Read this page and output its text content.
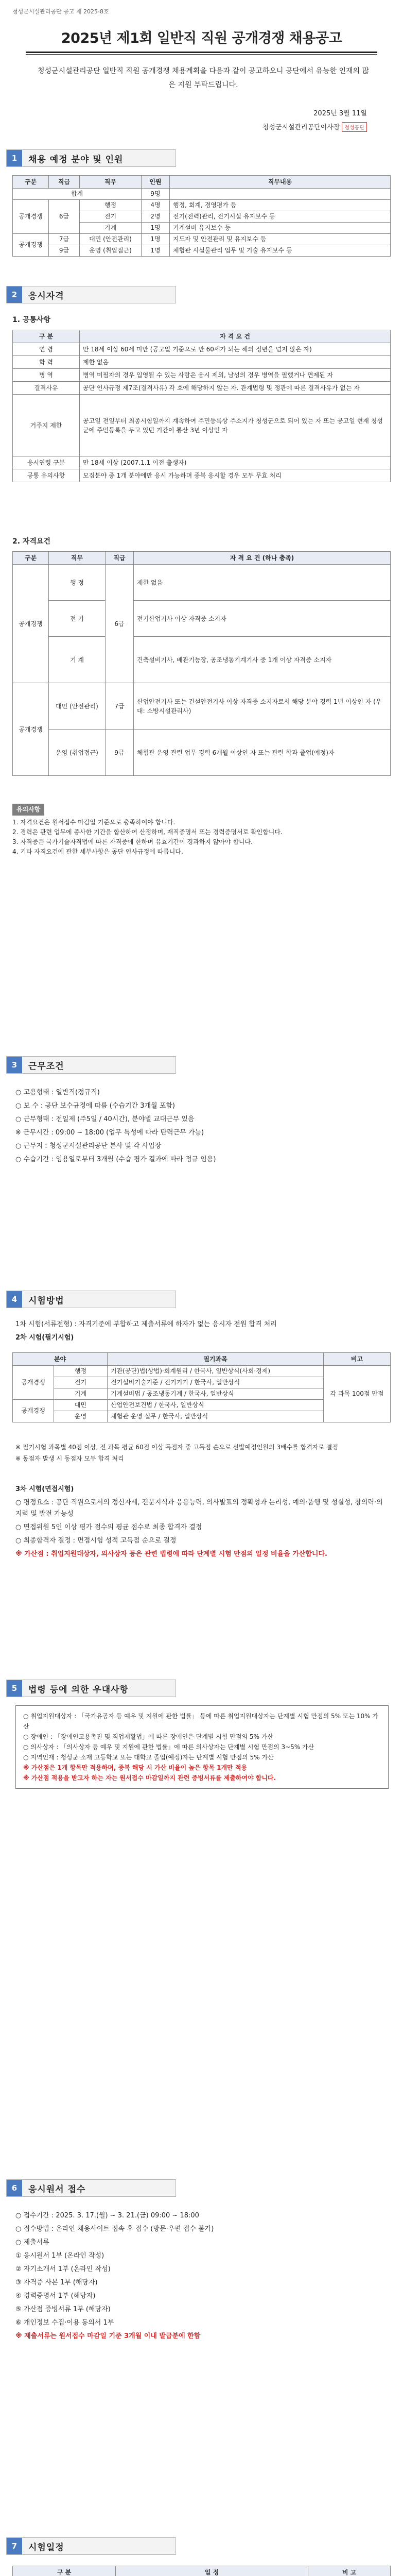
청성군시설관리공단 공고 제 2025-8호
2025년 제1회 일반직 직원 공개경쟁 채용공고
청성군시설관리공단 일반직 직원 공개경쟁 채용계획을 다음과 같이 공고하오니 공단에서 유능한 인재의 많은 지원 부탁드립니다.
2025년 3월 11일
청성군시설관리공단이사장 청성공단
1	채용 예정 분야 및 인원
구분	직급	직무	인원	직무내용
합계			9명	
공개경쟁	6급	행정	4명	행정, 회계, 경영평가 등
		전기	2명	전기(전력)관리, 전기시설 유지보수 등
		기계	1명	기계설비 유지보수 등
공개경쟁	7급	대민 (안전관리)	1명	지도자 및 안전관리 및 유지보수 등
	9급	운영 (취업접근)	1명	체험관 시설물관리 업무 및 기술 유지보수 등
2	응시자격
1. 공통사항
구 분	자 격 요 건
연 령	만 18세 이상 60세 미만 (공고일 기준으로 만 60세가 되는 해의 정년을 넘지 않은 자)
학 력	제한 없음
병 역	병역 미필자의 경우 입영될 수 있는 사람은 응시 제외, 남성의 경우 병역을 필했거나 면제된 자
결격사유	공단 인사규정 제7조(결격사유) 각 호에 해당하지 않는 자. 관계법령 및 정관에 따른 결격사유가 없는 자
거주지 제한	공고일 전일부터 최종시험일까지 계속하여 주민등록상 주소지가 청성군으로 되어 있는 자 또는 공고일 현재 청성군에 주민등록을 두고 있던 기간이 통산 3년 이상인 자
응시연령 구분	만 18세 이상 (2007.1.1 이전 출생자)
공통 유의사항	모집분야 중 1개 분야에만 응시 가능하며 중복 응시할 경우 모두 무효 처리
2. 자격요건
구분	직무	직급	자 격 요 건 (하나 충족)
공개경쟁	행 정	6급	제한 없음
	전 기		전기산업기사 이상 자격증 소지자
	기 계		건축설비기사, 배관기능장, 공조냉동기계기사 중 1개 이상 자격증 소지자
공개경쟁	대민 (안전관리)	7급	산업안전기사 또는 건설안전기사 이상 자격증 소지자로서 해당 분야 경력 1년 이상인 자 (우대: 소방시설관리사)
	운영 (취업접근)	9급	체험관 운영 관련 업무 경력 6개월 이상인 자 또는 관련 학과 졸업(예정)자
유의사항
1. 자격요건은 원서접수 마감일 기준으로 충족하여야 합니다.
2. 경력은 관련 업무에 종사한 기간을 합산하여 산정하며, 재직증명서 또는 경력증명서로 확인합니다.
3. 자격증은 국가기술자격법에 따른 자격증에 한하며 유효기간이 경과하지 않아야 합니다.
4. 기타 자격요건에 관한 세부사항은 공단 인사규정에 따릅니다.
3	근무조건
○ 고용형태 : 일반직(정규직)
○ 보 수 : 공단 보수규정에 따름 (수습기간 3개월 포함)
○ 근무형태 : 전일제 (주5일 / 40시간), 분야별 교대근무 있음
※ 근무시간 : 09:00 ~ 18:00 (업무 특성에 따라 탄력근무 가능)
○ 근무지 : 청성군시설관리공단 본사 및 각 사업장
○ 수습기간 : 임용일로부터 3개월 (수습 평가 결과에 따라 정규 임용)
4	시험방법
1차 시험(서류전형) : 자격기준에 부합하고 제출서류에 하자가 없는 응시자 전원 합격 처리
2차 시험(필기시험)
분야		필기과목	비고
공개경쟁	행정	기관(공단)법(상법)·회계원리 / 한국사, 일반상식(사회·경제)	각 과목 100점 만점
	전기	전기설비기술기준 / 전기기기 / 한국사, 일반상식	
	기계	기계설비법 / 공조냉동기계 / 한국사, 일반상식	
공개경쟁	대민	산업안전보건법 / 한국사, 일반상식	
	운영	체험관 운영 실무 / 한국사, 일반상식	
※ 필기시험 과목별 40점 이상, 전 과목 평균 60점 이상 득점자 중 고득점 순으로 선발예정인원의 3배수를 합격자로 결정
※ 동점자 발생 시 동점자 모두 합격 처리
3차 시험(면접시험)
○ 평정요소 : 공단 직원으로서의 정신자세, 전문지식과 응용능력, 의사발표의 정확성과 논리성, 예의·품행 및 성실성, 창의력·의지력 및 발전 가능성
○ 면접위원 5인 이상 평가 점수의 평균 점수로 최종 합격자 결정
○ 최종합격자 결정 : 면접시험 성적 고득점 순으로 결정
※ 가산점 : 취업지원대상자, 의사상자 등은 관련 법령에 따라 단계별 시험 만점의 일정 비율을 가산합니다.
5	법령 등에 의한 우대사항
○ 취업지원대상자 : 「국가유공자 등 예우 및 지원에 관한 법률」 등에 따른 취업지원대상자는 단계별 시험 만점의 5% 또는 10% 가산
○ 장애인 : 「장애인고용촉진 및 직업재활법」에 따른 장애인은 단계별 시험 만점의 5% 가산
○ 의사상자 : 「의사상자 등 예우 및 지원에 관한 법률」에 따른 의사상자는 단계별 시험 만점의 3~5% 가산
○ 지역인재 : 청성군 소재 고등학교 또는 대학교 졸업(예정)자는 단계별 시험 만점의 5% 가산
※ 가산점은 1개 항목만 적용하며, 중복 해당 시 가산 비율이 높은 항목 1개만 적용
※ 가산점 적용을 받고자 하는 자는 원서접수 마감일까지 관련 증빙서류를 제출하여야 합니다.
6	응시원서 접수
○ 접수기간 : 2025. 3. 17.(월) ~ 3. 21.(금) 09:00 ~ 18:00
○ 접수방법 : 온라인 채용사이트 접속 후 접수 (방문·우편 접수 불가)
○ 제출서류
① 응시원서 1부 (온라인 작성)
② 자기소개서 1부 (온라인 작성)
③ 자격증 사본 1부 (해당자)
④ 경력증명서 1부 (해당자)
⑤ 가산점 증빙서류 1부 (해당자)
⑥ 개인정보 수집·이용 동의서 1부
※ 제출서류는 원서접수 마감일 기준 3개월 이내 발급분에 한함
7	시험일정
구 분	일 정	비 고
